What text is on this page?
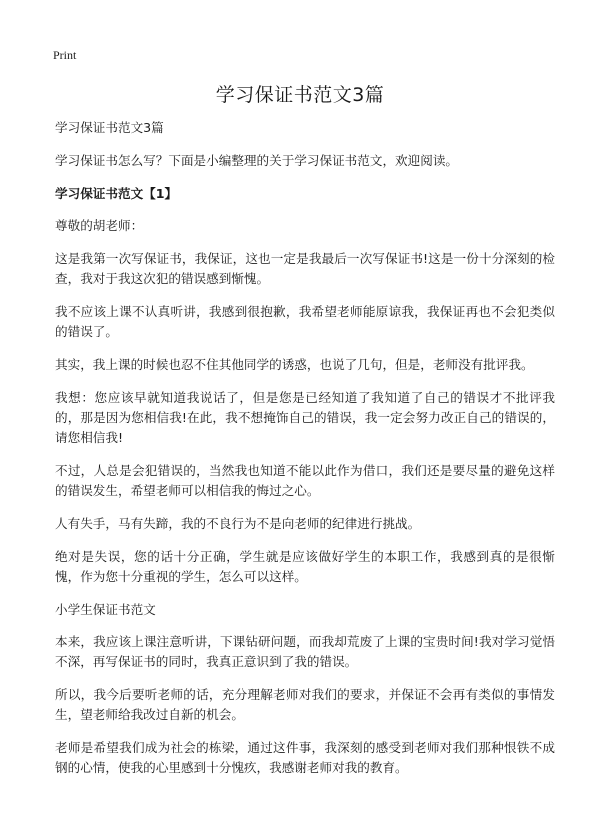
Print
学习保证书范文3篇

学习保证书范文3篇

学习保证书怎么写？下面是小编整理的关于学习保证书范文，欢迎阅读。

学习保证书范文【1】

尊敬的胡老师：

这是我第一次写保证书，我保证，这也一定是我最后一次写保证书!这是一份十分深刻的检查，我对于我这次犯的错误感到惭愧。

我不应该上课不认真听讲，我感到很抱歉，我希望老师能原谅我，我保证再也不会犯类似的错误了。

其实，我上课的时候也忍不住其他同学的诱惑，也说了几句，但是，老师没有批评我。

我想：您应该早就知道我说话了，但是您是已经知道了我知道了自己的错误才不批评我的，那是因为您相信我!在此，我不想掩饰自己的错误，我一定会努力改正自己的错误的，请您相信我!

不过，人总是会犯错误的，当然我也知道不能以此作为借口，我们还是要尽量的避免这样的错误发生，希望老师可以相信我的悔过之心。

人有失手，马有失蹄，我的不良行为不是向老师的纪律进行挑战。

绝对是失误，您的话十分正确，学生就是应该做好学生的本职工作，我感到真的是很惭愧，作为您十分重视的学生，怎么可以这样。

小学生保证书范文

本来，我应该上课注意听讲，下课钻研问题，而我却荒废了上课的宝贵时间!我对学习觉悟不深，再写保证书的同时，我真正意识到了我的错误。

所以，我今后要听老师的话，充分理解老师对我们的要求，并保证不会再有类似的事情发生，望老师给我改过自新的机会。

老师是希望我们成为社会的栋梁，通过这件事，我深刻的感受到老师对我们那种恨铁不成钢的心情，使我的心里感到十分愧疚，我感谢老师对我的教育。
